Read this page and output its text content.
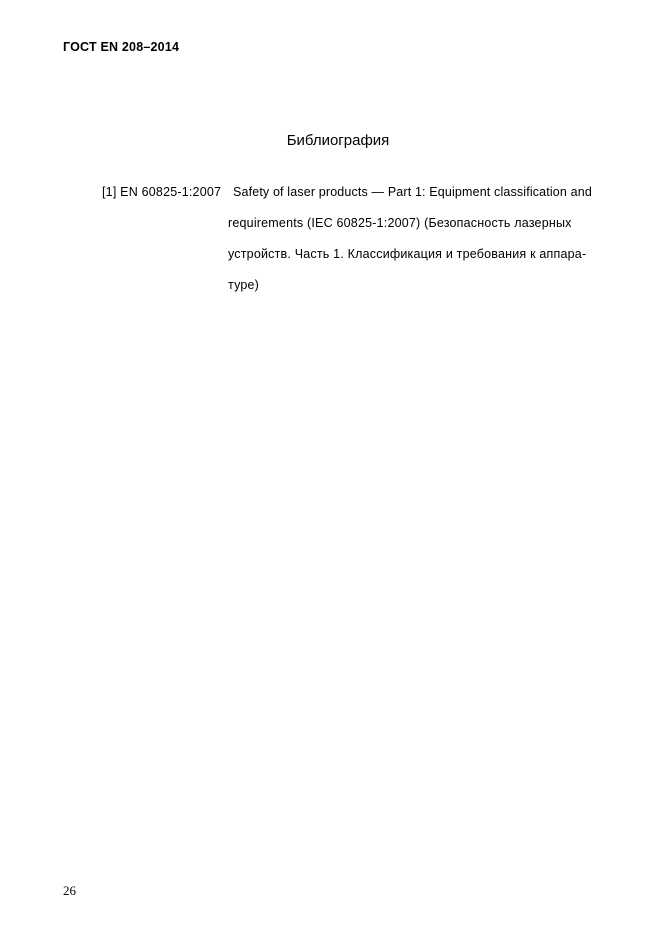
ГОСТ EN 208–2014
Библиография
[1] EN 60825-1:2007 Safety of laser products — Part 1: Equipment classification and
requirements (IEC 60825-1:2007) (Безопасность лазерных
устройств. Часть 1. Классификация и требования к аппара-
туре)
26
